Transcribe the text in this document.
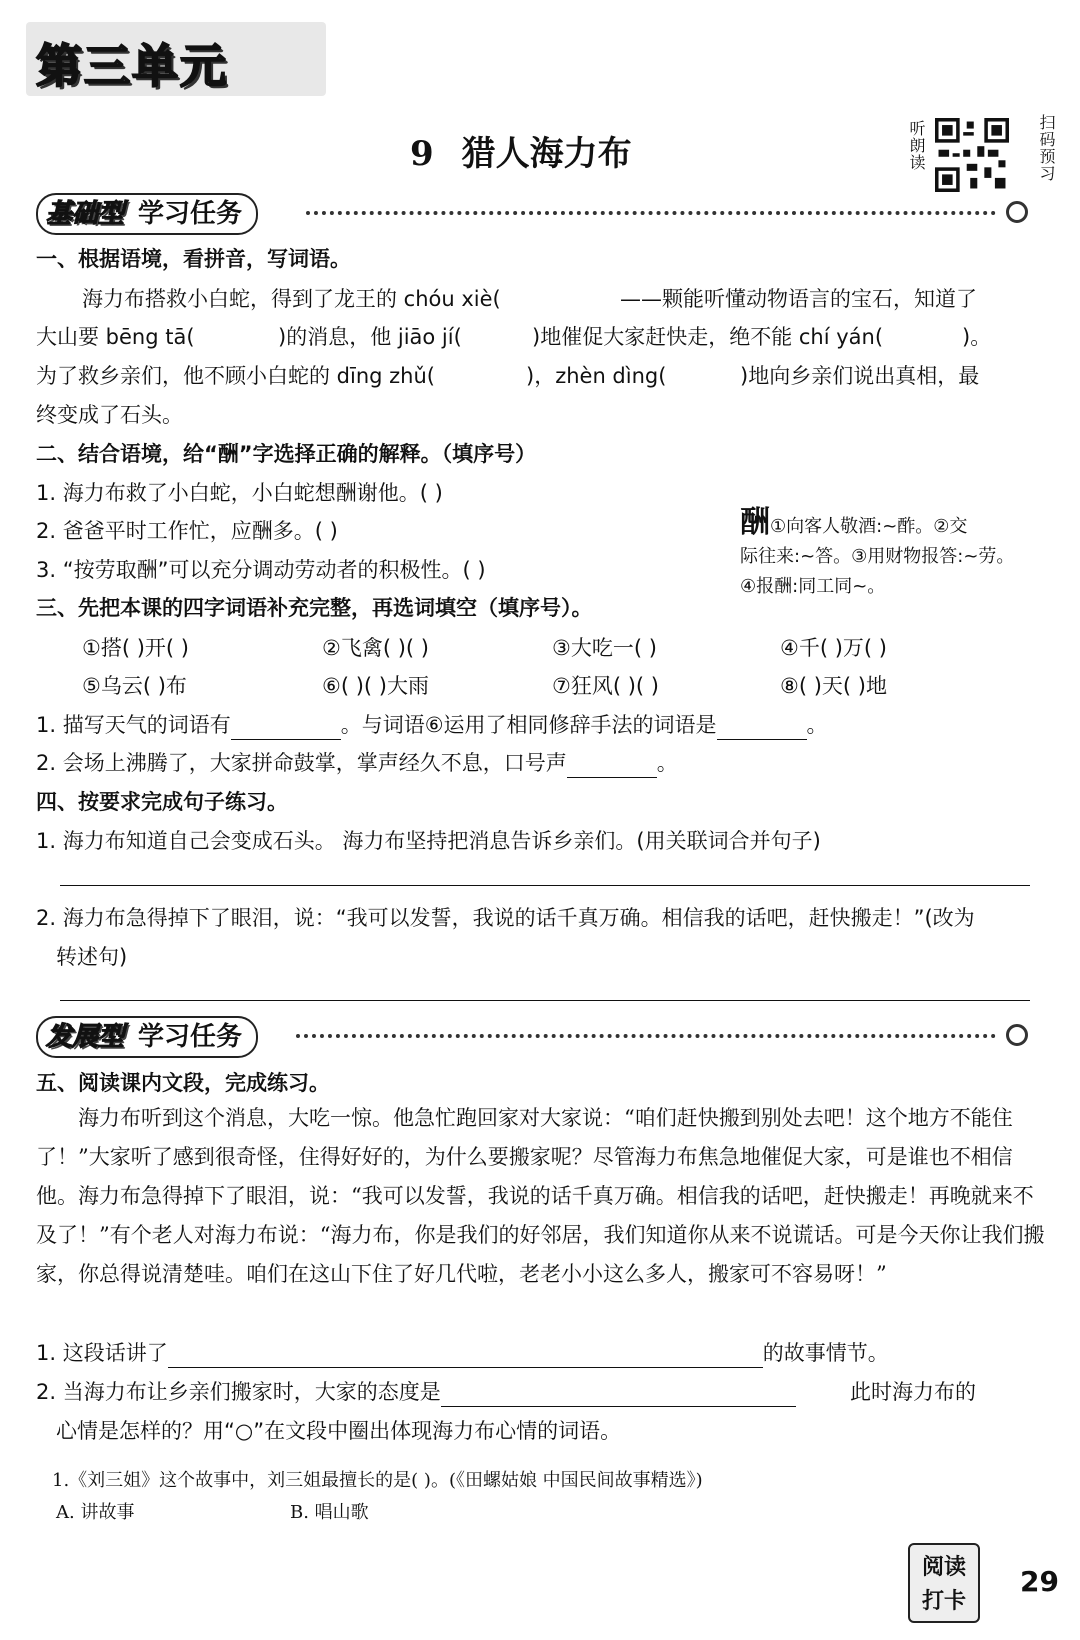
第三单元
9 猎人海力布	听朗读	扫码预习
基础型 学习任务
一、根据语境，看拼音，写词语。
海力布搭救小白蛇，得到了龙王的 chóu xiè(	——颗能听懂动物语言的宝石，知道了
大山要 bēng tā(	)的消息，他 jiāo jí(	)地催促大家赶快走，绝不能 chí yán(	)。
为了救乡亲们，他不顾小白蛇的 dīng zhǔ(	)，zhèn dìng(	)地向乡亲们说出真相，最
终变成了石头。
二、结合语境，给“酬”字选择正确的解释。（填序号）
1. 海力布救了小白蛇，小白蛇想酬谢他。( )
2. 爸爸平时工作忙，应酬多。( )
3. “按劳取酬”可以充分调动劳动者的积极性。( )
酬①向客人敬酒:~酢。②交
际往来:~答。③用财物报答:~劳。
④报酬:同工同~。
三、先把本课的四字词语补充完整，再选词填空（填序号）。
①搭( )开( )	②飞禽( )( )	③大吃一( )	④千( )万( )
⑤乌云( )布	⑥( )( )大雨	⑦狂风( )( )	⑧( )天( )地
1. 描写天气的词语有	。与词语⑥运用了相同修辞手法的词语是	。
2. 会场上沸腾了，大家拼命鼓掌，掌声经久不息，口号声	。
四、按要求完成句子练习。
1. 海力布知道自己会变成石头。 海力布坚持把消息告诉乡亲们。(用关联词合并句子)
2. 海力布急得掉下了眼泪，说：“我可以发誓，我说的话千真万确。相信我的话吧，赶快搬走！”(改为
转述句)
发展型 学习任务
五、阅读课内文段，完成练习。
海力布听到这个消息，大吃一惊。他急忙跑回家对大家说：“咱们赶快搬到别处去吧！这个地方不能住了！”大家听了感到很奇怪，住得好好的，为什么要搬家呢？尽管海力布焦急地催促大家，可是谁也不相信他。海力布急得掉下了眼泪，说：“我可以发誓，我说的话千真万确。相信我的话吧，赶快搬走！再晚就来不及了！”有个老人对海力布说：“海力布，你是我们的好邻居，我们知道你从来不说谎话。可是今天你让我们搬家，你总得说清楚哇。咱们在这山下住了好几代啦，老老小小这么多人，搬家可不容易呀！”
1. 这段话讲了	的故事情节。
2. 当海力布让乡亲们搬家时，大家的态度是	此时海力布的
心情是怎样的？用“○”在文段中圈出体现海力布心情的词语。
1.《刘三姐》这个故事中，刘三姐最擅长的是( )。(《田螺姑娘 中国民间故事精选》)
A. 讲故事	B. 唱山歌
阅读
打卡
29
